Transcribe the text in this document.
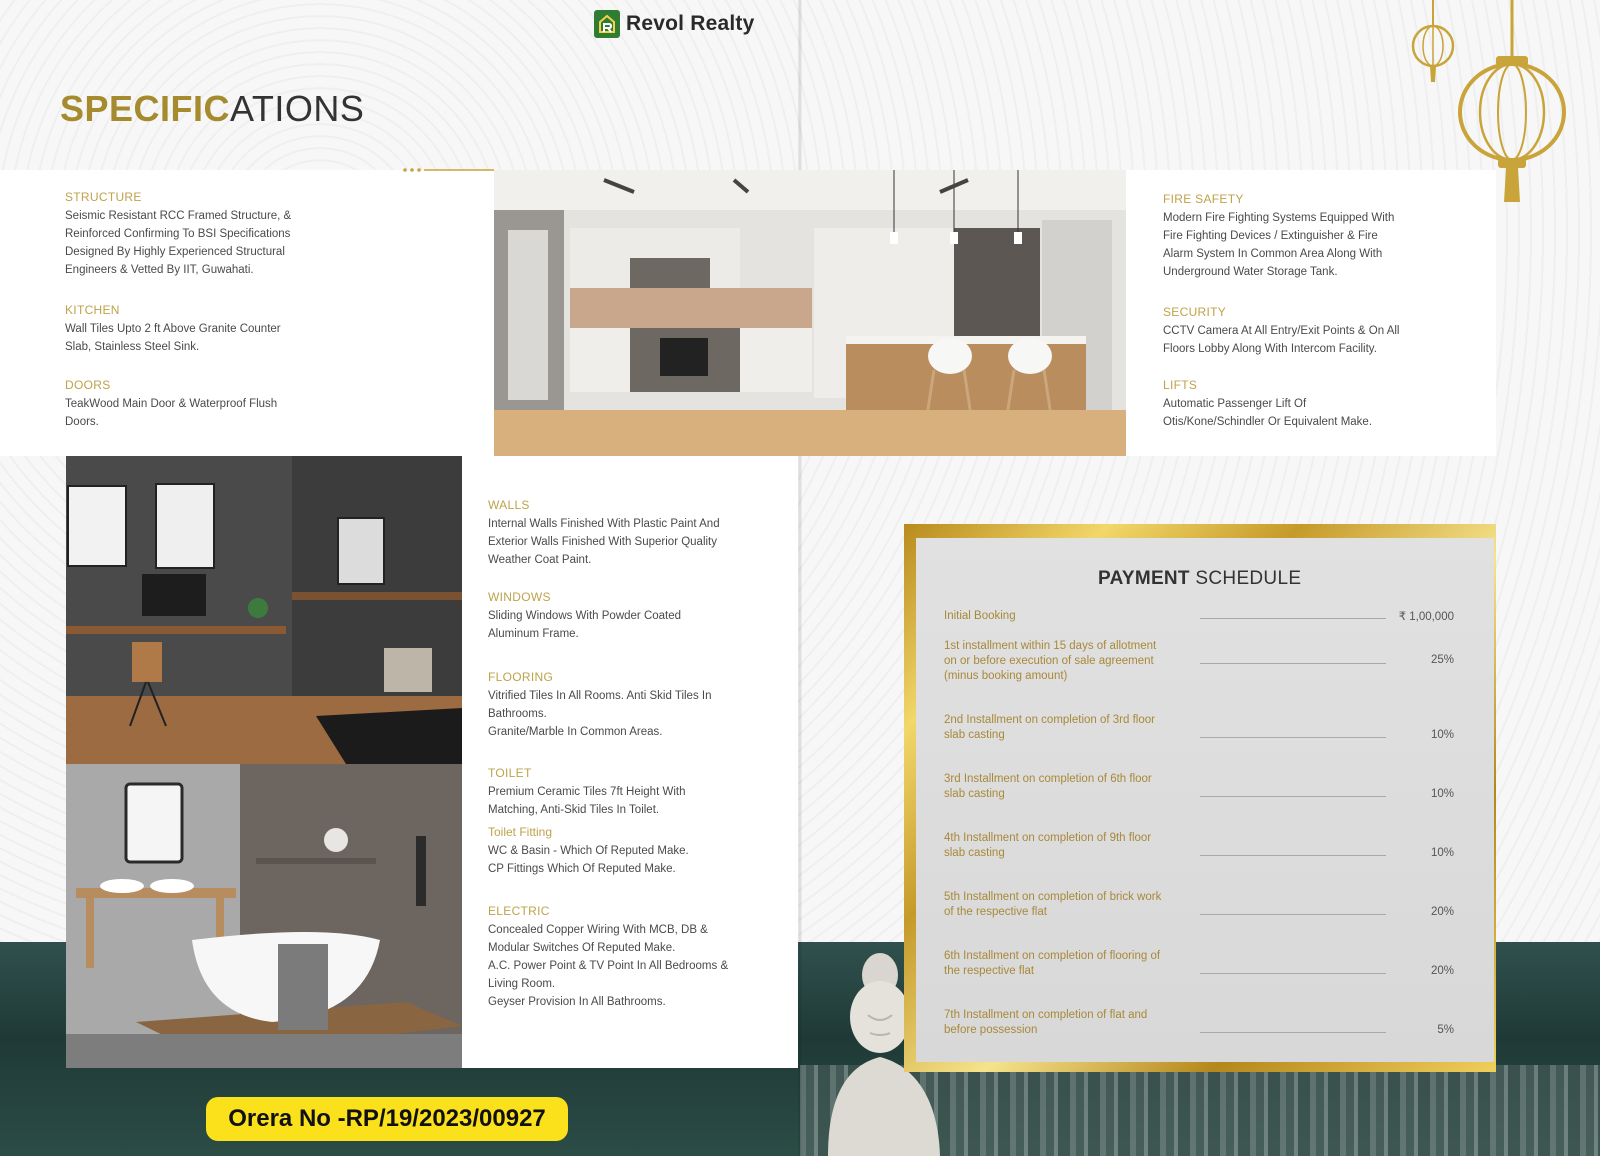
Revol Realty
SPECIFICATIONS
STRUCTURE
Seismic Resistant RCC Framed Structure, &
Reinforced Confirming To BSI Specifications
Designed By Highly Experienced Structural
Engineers & Vetted By IIT, Guwahati.
KITCHEN
Wall Tiles Upto 2 ft Above Granite Counter
Slab, Stainless Steel Sink.
DOORS
TeakWood Main Door & Waterproof Flush
Doors.
WALLS
Internal Walls Finished With Plastic Paint And
Exterior Walls Finished With Superior Quality
Weather Coat Paint.
WINDOWS
Sliding Windows With Powder Coated
Aluminum Frame.
FLOORING
Vitrified Tiles In All Rooms. Anti Skid Tiles In
Bathrooms.
Granite/Marble In Common Areas.
TOILET
Premium Ceramic Tiles 7ft Height With
Matching, Anti-Skid Tiles In Toilet.
Toilet Fitting
WC & Basin - Which Of Reputed Make.
CP Fittings Which Of Reputed Make.
ELECTRIC
Concealed Copper Wiring With MCB, DB &
Modular Switches Of Reputed Make.
A.C. Power Point & TV Point In All Bedrooms &
Living Room.
Geyser Provision In All Bathrooms.
FIRE SAFETY
Modern Fire Fighting Systems Equipped With
Fire Fighting Devices / Extinguisher & Fire
Alarm System In Common Area Along With
Underground Water Storage Tank.
SECURITY
CCTV Camera At All Entry/Exit Points & On All
Floors Lobby Along With Intercom Facility.
LIFTS
Automatic Passenger Lift Of
Otis/Kone/Schindler Or Equivalent Make.
PAYMENT SCHEDULE
Initial Booking	₹ 1,00,000
1st installment within 15 days of allotment
on or before execution of sale agreement
(minus booking amount)
25%
2nd Installment on completion of 3rd floor
slab casting	10%
3rd Installment on completion of 6th floor
slab casting	10%
4th Installment on completion of 9th floor
slab casting	10%
5th Installment on completion of brick work
of the respective flat	20%
6th Installment on completion of flooring of
the respective flat	20%
7th Installment on completion of flat and
before possession	5%
Orera No -RP/19/2023/00927
